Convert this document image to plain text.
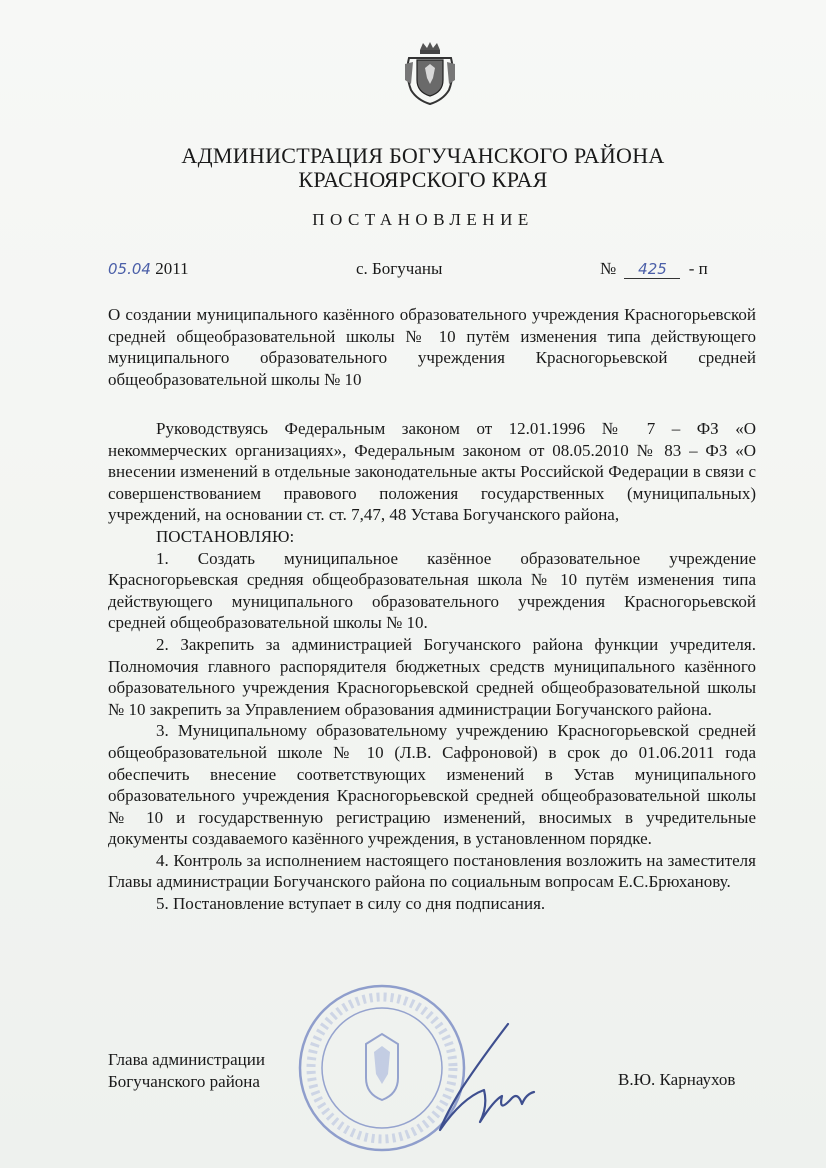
АДМИНИСТРАЦИЯ БОГУЧАНСКОГО РАЙОНА
КРАСНОЯРСКОГО КРАЯ
ПОСТАНОВЛЕНИЕ
05.04 2011	с. Богучаны	№ 425 - п
О создании муниципального казённого образовательного учреждения Красногорьевской средней общеобразовательной школы № 10 путём изменения типа действующего муниципального образовательного учреждения Красногорьевской средней общеобразовательной школы № 10

Руководствуясь Федеральным законом от 12.01.1996 № 7 – ФЗ «О некоммерческих организациях», Федеральным законом от 08.05.2010 № 83 – ФЗ «О внесении изменений в отдельные законодательные акты Российской Федерации в связи с совершенствованием правового положения государственных (муниципальных) учреждений, на основании ст. ст. 7,47, 48 Устава Богучанского района,

ПОСТАНОВЛЯЮ:

1. Создать муниципальное казённое образовательное учреждение Красногорьевская средняя общеобразовательная школа № 10 путём изменения типа действующего муниципального образовательного учреждения Красногорьевской средней общеобразовательной школы № 10.

2. Закрепить за администрацией Богучанского района функции учредителя. Полномочия главного распорядителя бюджетных средств муниципального казённого образовательного учреждения Красногорьевской средней общеобразовательной школы № 10 закрепить за Управлением образования администрации Богучанского района.

3. Муниципальному образовательному учреждению Красногорьевской средней общеобразовательной школе № 10 (Л.В. Сафроновой) в срок до 01.06.2011 года обеспечить внесение соответствующих изменений в Устав муниципального образовательного учреждения Красногорьевской средней общеобразовательной школы № 10 и государственную регистрацию изменений, вносимых в учредительные документы создаваемого казённого учреждения, в установленном порядке.

4. Контроль за исполнением настоящего постановления возложить на заместителя Главы администрации Богучанского района по социальным вопросам Е.С.Брюханову.

5. Постановление вступает в силу со дня подписания.

Глава администрации
Богучанского района	В.Ю. Карнаухов
